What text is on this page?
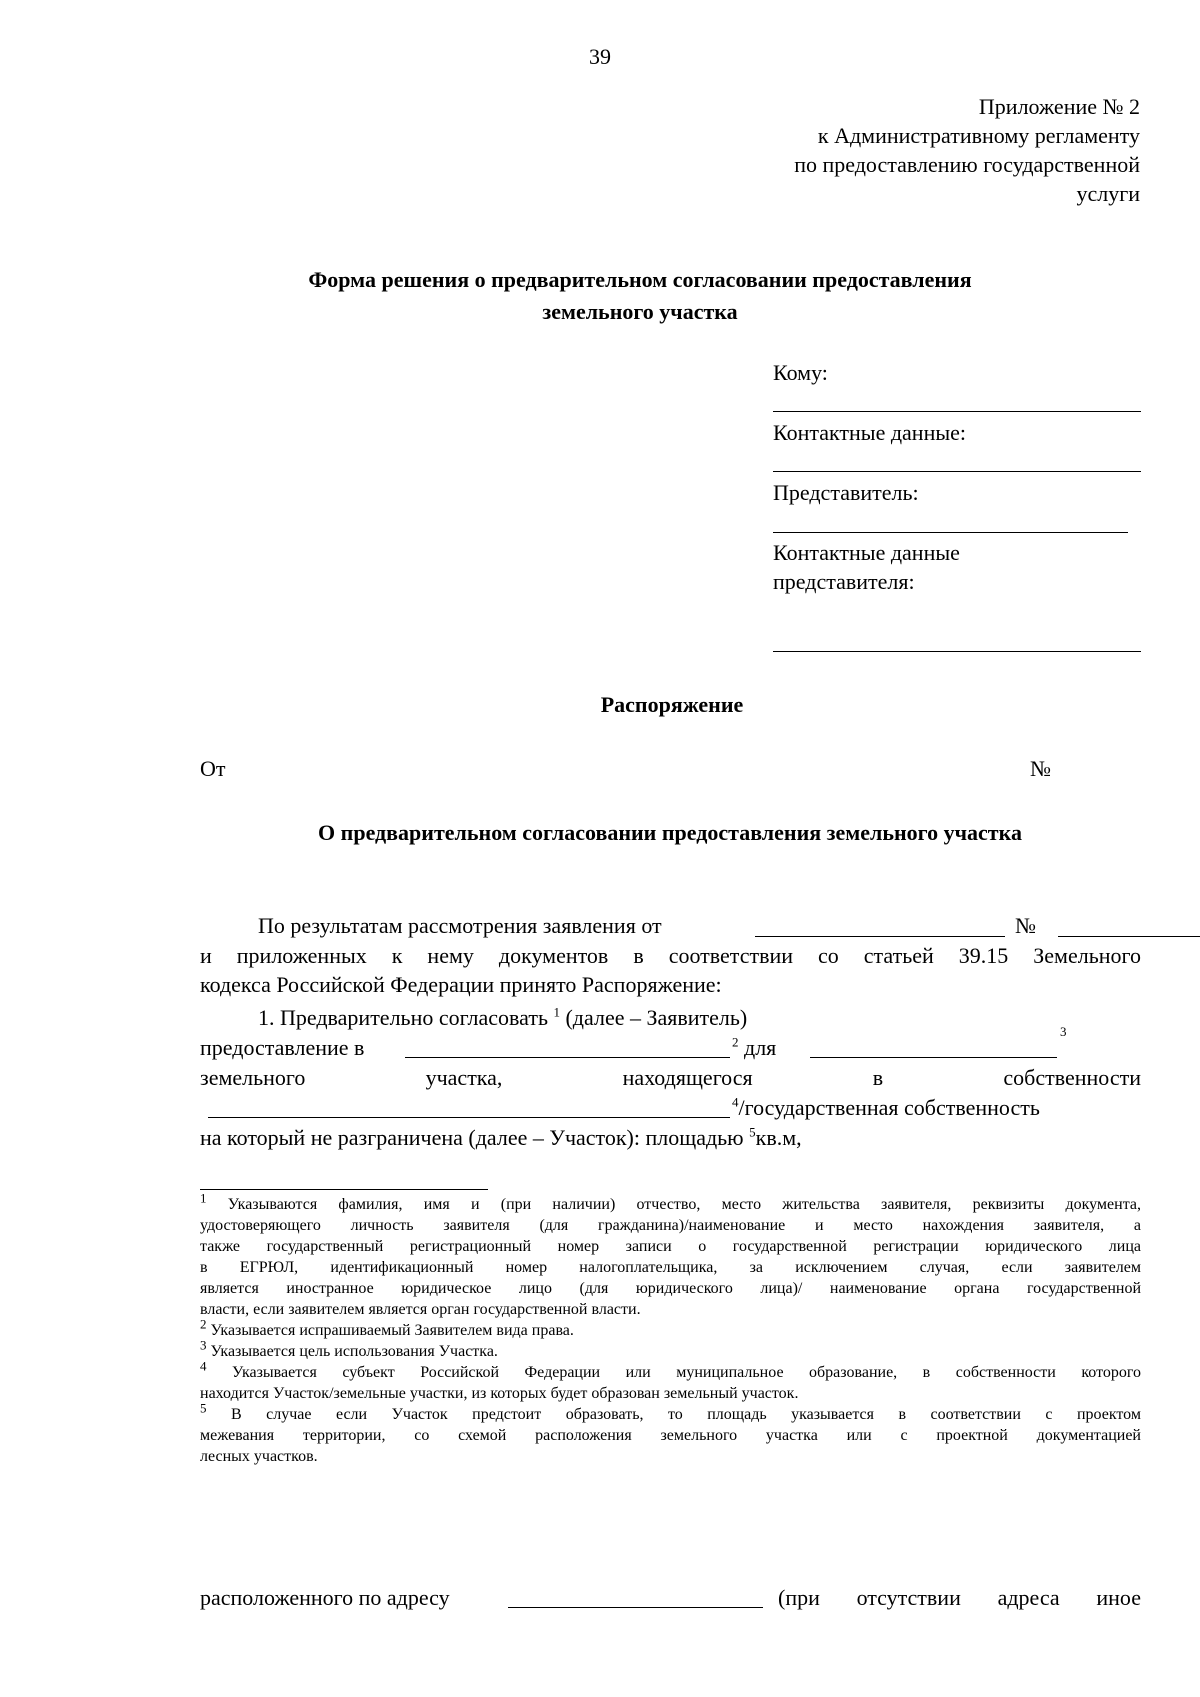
39
Приложение № 2
к Административному регламенту
по предоставлению государственной
услуги
Форма решения о предварительном согласовании предоставления
земельного участка
Кому:
Контактные данные:
Представитель:
Контактные данные
представителя:
Распоряжение
От	№
О предварительном согласовании предоставления земельного участка
По результатам рассмотрения заявления от	№
и приложенных к нему документов в соответствии со статьей 39.15 Земельного
кодекса Российской Федерации принято Распоряжение:
1. Предварительно согласовать $^1$ (далее – Заявитель)
предоставление в	$^2$ для
3
земельного	участка,	находящегося	в	собственности
$^4$/государственная собственность
на который не разграничена (далее – Участок): площадью $^5$кв.м,

$^1$ Указываются фамилия, имя и (при наличии) отчество, место жительства заявителя, реквизиты документа,

удостоверяющего личность заявителя (для гражданина)/наименование и место нахождения заявителя, а

также государственный регистрационный номер записи о государственной регистрации юридического лица

в ЕГРЮЛ, идентификационный номер налогоплательщика, за исключением случая, если заявителем

является иностранное юридическое лицо (для юридического лица)/ наименование органа государственной

власти, если заявителем является орган государственной власти.

$^2$ Указывается испрашиваемый Заявителем вида права.

$^3$ Указывается цель использования Участка.

$^4$ Указывается субъект Российской Федерации или муниципальное образование, в собственности которого

находится Участок/земельные участки, из которых будет образован земельный участок.

$^5$ В случае если Участок предстоит образовать, то площадь указывается в соответствии с проектом

межевания территории, со схемой расположения земельного участка или с проектной документацией

лесных участков.

расположенного по адресу	(при отсутствии адреса иное
